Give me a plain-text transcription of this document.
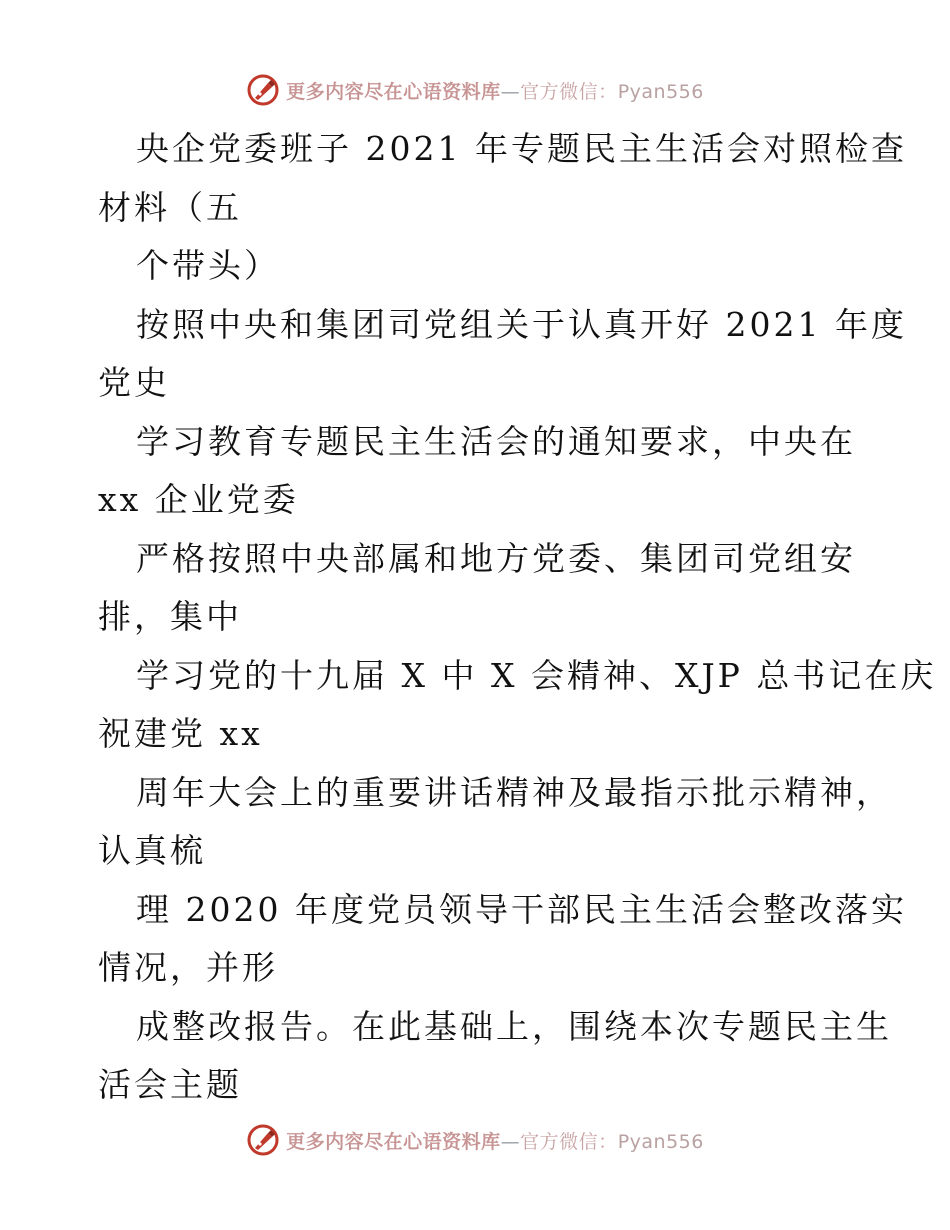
更多内容尽在心语资料库—官方微信：Pyan556
央企党委班子 2021 年专题民主生活会对照检查
材料（五
个带头）
按照中央和集团司党组关于认真开好 2021 年度
党史
学习教育专题民主生活会的通知要求，中央在
xx 企业党委
严格按照中央部属和地方党委、集团司党组安
排，集中
学习党的十九届 X 中 X 会精神、XJP 总书记在庆
祝建党 xx
周年大会上的重要讲话精神及最指示批示精神，
认真梳
理 2020 年度党员领导干部民主生活会整改落实
情况，并形
成整改报告。在此基础上，围绕本次专题民主生
活会主题
更多内容尽在心语资料库—官方微信：Pyan556
